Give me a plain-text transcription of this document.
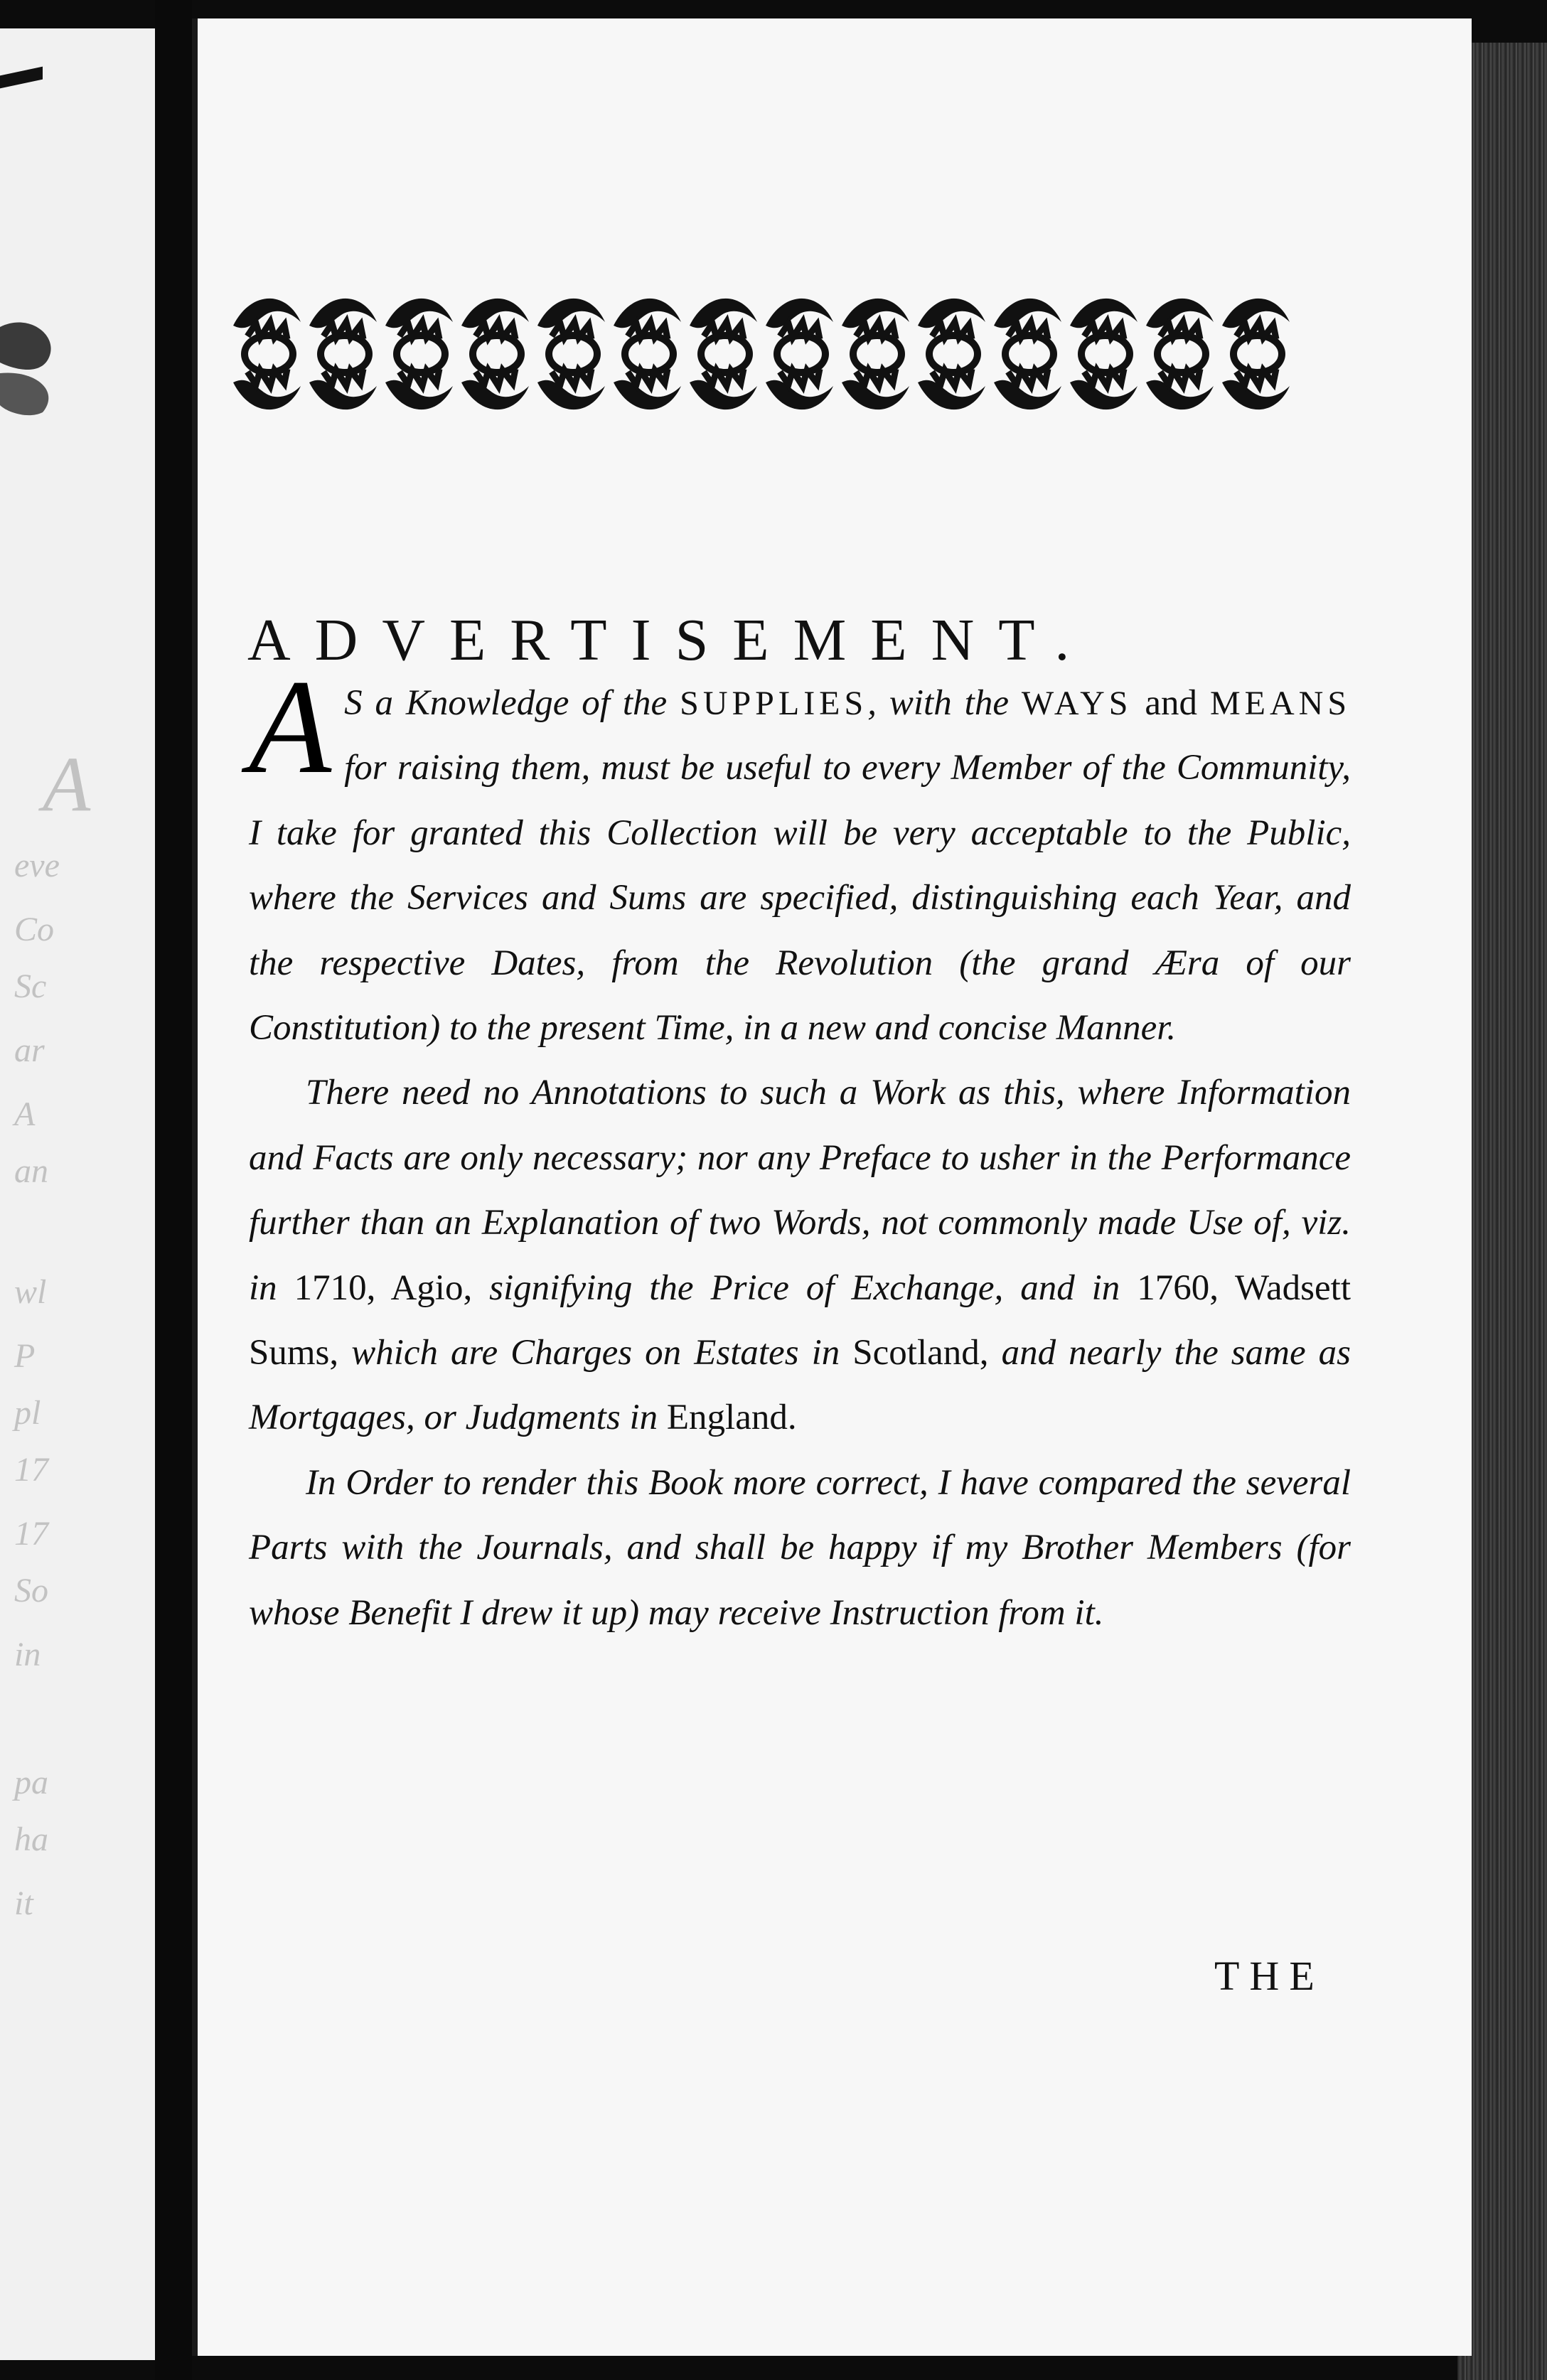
A
eve
Co
Sc
ar
A
an
wl
P
pl
17
17
So
in
pa
ha
it
ADVERTISEMENT.

A S a Knowledge of the SUPPLIES, with the WAYS and MEANS for raising them, must be useful to every Member of the Community, I take for granted this Collection will be very acceptable to the Public, where the Services and Sums are specified, distinguishing each Year, and the respective Dates, from the Revolution (the grand Æra of our Constitution) to the present Time, in a new and concise Manner.

There need no Annotations to such a Work as this, where Information and Facts are only necessary; nor any Preface to usher in the Performance further than an Explanation of two Words, not commonly made Use of, viz. in 1710, Agio, signifying the Price of Exchange, and in 1760, Wadsett Sums, which are Charges on Estates in Scotland, and nearly the same as Mortgages, or Judgments in England.

In Order to render this Book more correct, I have compared the several Parts with the Journals, and shall be happy if my Brother Members (for whose Benefit I drew it up) may receive Instruction from it.

THE
